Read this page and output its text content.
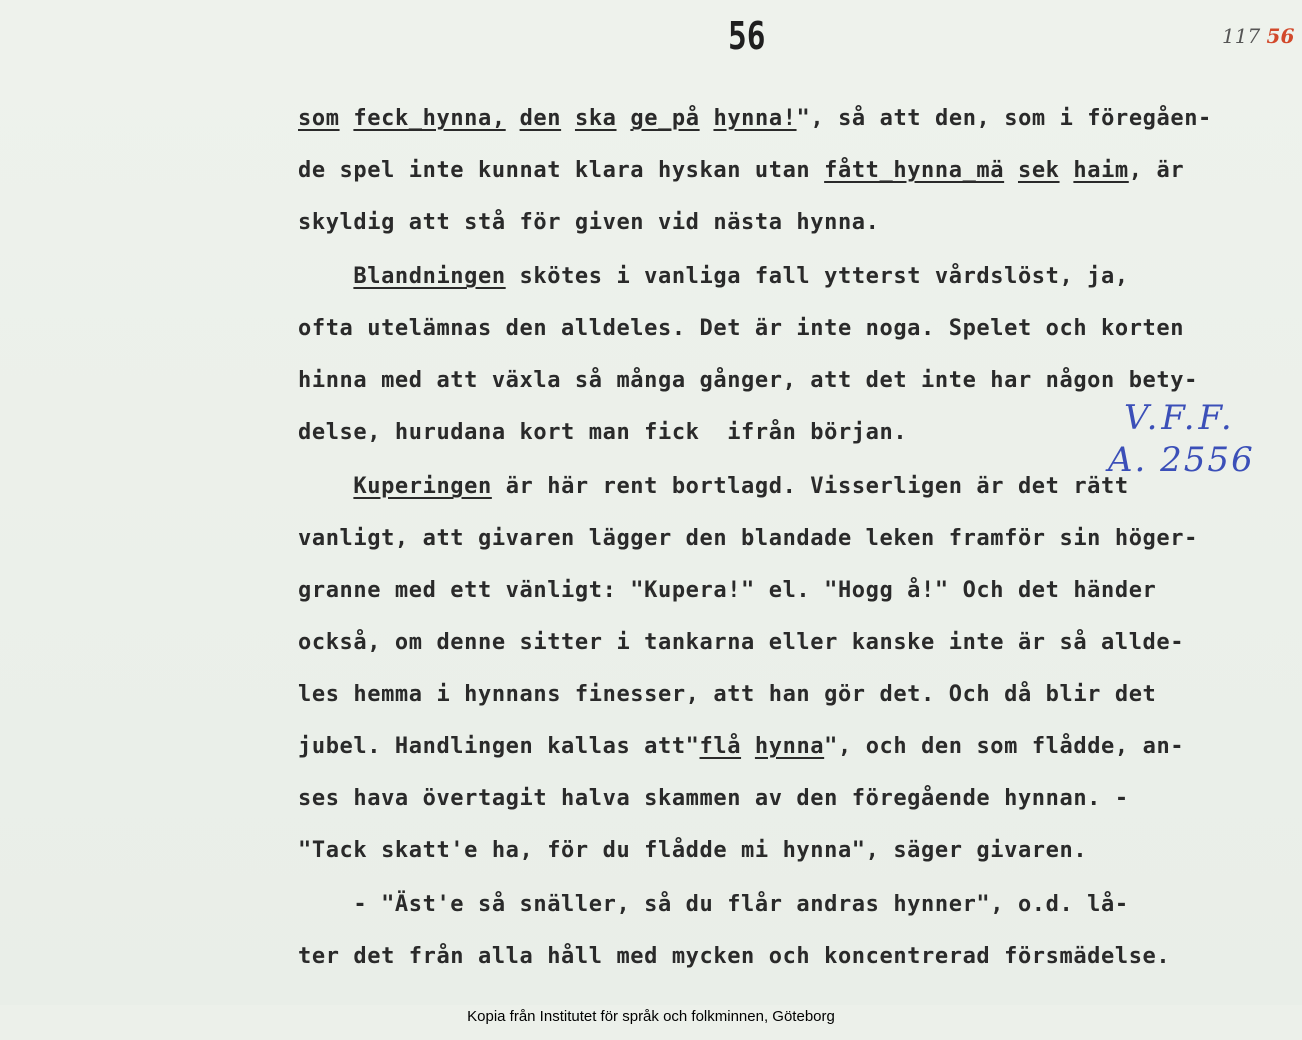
56	117 56
som feck_hynna, den ska ge_på hynna!", så att den, som i föregåen-
de spel inte kunnat klara hyskan utan fått_hynna_mä sek haim, är
skyldig att stå för given vid nästa hynna.
Blandningen skötes i vanliga fall ytterst vårdslöst, ja,
ofta utelämnas den alldeles. Det är inte noga. Spelet och korten
hinna med att växla så många gånger, att det inte har någon bety-
delse, hurudana kort man fick  ifrån början.
Kuperingen är här rent bortlagd. Visserligen är det rätt
vanligt, att givaren lägger den blandade leken framför sin höger-
granne med ett vänligt: "Kupera!" el. "Hogg å!" Och det händer
också, om denne sitter i tankarna eller kanske inte är så allde-
les hemma i hynnans finesser, att han gör det. Och då blir det
jubel. Handlingen kallas att"flå hynna", och den som flådde, an-
ses hava övertagit halva skammen av den föregående hynnan. -
"Tack skatt'e ha, för du flådde mi hynna", säger givaren.
- "Äst'e så snäller, så du flår andras hynner", o.d. lå-
ter det från alla håll med mycken och koncentrerad försmädelse.
V.F.F.
A. 2556
Kopia från Institutet för språk och folkminnen, Göteborg
